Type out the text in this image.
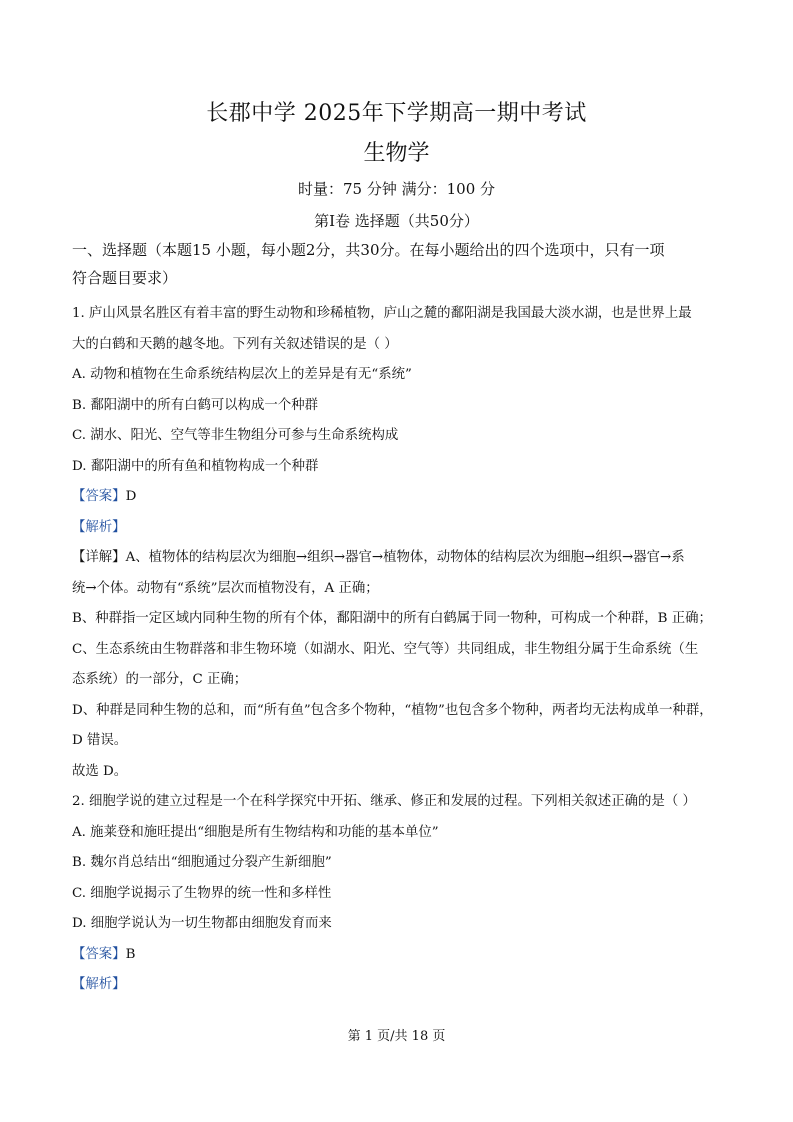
长郡中学 2025年下学期高一期中考试
生物学
时量：75 分钟 满分：100 分
第Ⅰ卷 选择题（共50分）
一、选择题（本题15 小题，每小题2分，共30分。在每小题给出的四个选项中，只有一项
符合题目要求）
1. 庐山风景名胜区有着丰富的野生动物和珍稀植物，庐山之麓的鄱阳湖是我国最大淡水湖，也是世界上最
大的白鹤和天鹅的越冬地。下列有关叙述错误的是（ ）
A. 动物和植物在生命系统结构层次上的差异是有无“系统”
B. 鄱阳湖中的所有白鹤可以构成一个种群
C. 湖水、阳光、空气等非生物组分可参与生命系统构成
D. 鄱阳湖中的所有鱼和植物构成一个种群
【答案】D
【解析】
【详解】A、植物体的结构层次为细胞→组织→器官→植物体，动物体的结构层次为细胞→组织→器官→系
统→个体。动物有“系统”层次而植物没有，A 正确；
B、种群指一定区域内同种生物的所有个体，鄱阳湖中的所有白鹤属于同一物种，可构成一个种群，B 正确；
C、生态系统由生物群落和非生物环境（如湖水、阳光、空气等）共同组成，非生物组分属于生命系统（生
态系统）的一部分，C 正确；
D、种群是同种生物的总和，而“所有鱼”包含多个物种，“植物”也包含多个物种，两者均无法构成单一种群，
D 错误。
故选 D。
2. 细胞学说的建立过程是一个在科学探究中开拓、继承、修正和发展的过程。下列相关叙述正确的是（ ）
A. 施莱登和施旺提出“细胞是所有生物结构和功能的基本单位”
B. 魏尔肖总结出“细胞通过分裂产生新细胞”
C. 细胞学说揭示了生物界的统一性和多样性
D. 细胞学说认为一切生物都由细胞发育而来
【答案】B
【解析】
第 1 页/共 18 页
